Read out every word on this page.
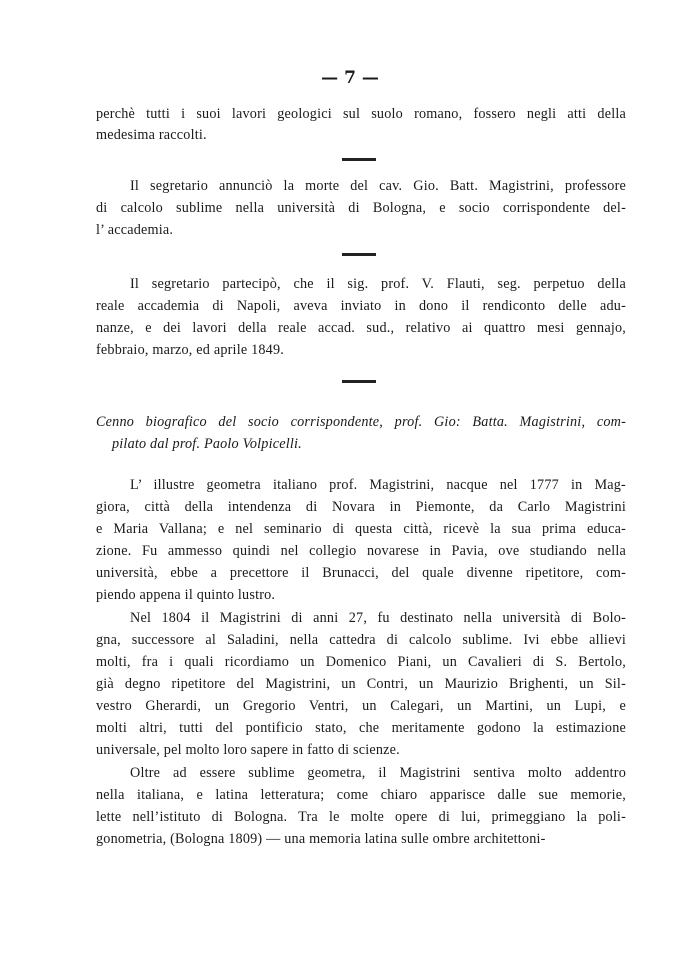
— 7 —
perchè tutti i suoi lavori geologici sul suolo romano, fossero negli atti della
medesima raccolti.
Il segretario annunciò la morte del cav. Gio. Batt. Magistrini, professore
di calcolo sublime nella università di Bologna, e socio corrispondente del-
l’ accademia.
Il segretario partecipò, che il sig. prof. V. Flauti, seg. perpetuo della
reale accademia di Napoli, aveva inviato in dono il rendiconto delle adu-
nanze, e dei lavori della reale accad. sud., relativo ai quattro mesi gennajo,
febbraio, marzo, ed aprile 1849.
Cenno biografico del socio corrispondente, prof. Gio: Batta. Magistrini, com-
pilato dal prof. Paolo Volpicelli.
L’ illustre geometra italiano prof. Magistrini, nacque nel 1777 in Mag-
giora, città della intendenza di Novara in Piemonte, da Carlo Magistrini
e Maria Vallana; e nel seminario di questa città, ricevè la sua prima educa-
zione. Fu ammesso quindi nel collegio novarese in Pavia, ove studiando nella
università, ebbe a precettore il Brunacci, del quale divenne ripetitore, com-
piendo appena il quinto lustro.
Nel 1804 il Magistrini di anni 27, fu destinato nella università di Bolo-
gna, successore al Saladini, nella cattedra di calcolo sublime. Ivi ebbe allievi
molti, fra i quali ricordiamo un Domenico Piani, un Cavalieri di S. Bertolo,
già degno ripetitore del Magistrini, un Contri, un Maurizio Brighenti, un Sil-
vestro Gherardi, un Gregorio Ventri, un Calegari, un Martini, un Lupi, e
molti altri, tutti del pontificio stato, che meritamente godono la estimazione
universale, pel molto loro sapere in fatto di scienze.
Oltre ad essere sublime geometra, il Magistrini sentiva molto addentro
nella italiana, e latina letteratura; come chiaro apparisce dalle sue memorie,
lette nell’istituto di Bologna. Tra le molte opere di lui, primeggiano la poli-
gonometria, (Bologna 1809) — una memoria latina sulle ombre architettoni-
